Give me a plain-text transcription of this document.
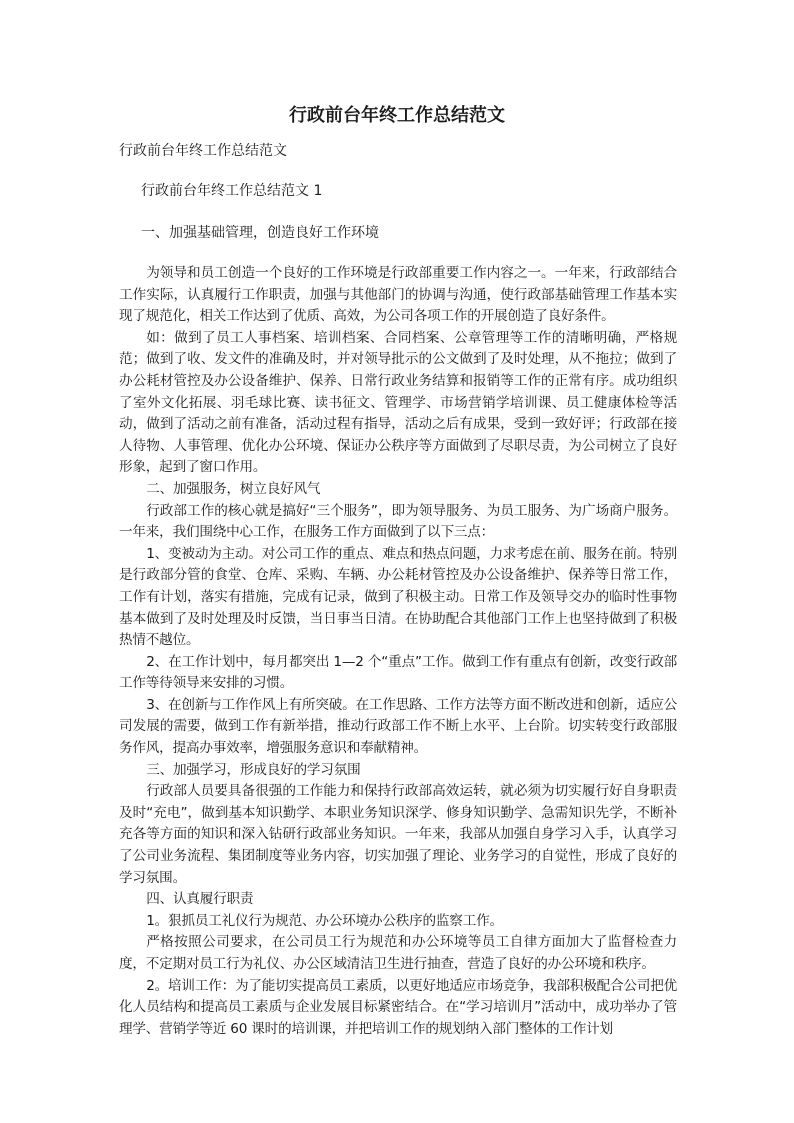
行政前台年终工作总结范文
行政前台年终工作总结范文
行政前台年终工作总结范文 1
一、加强基础管理，创造良好工作环境

为领导和员工创造一个良好的工作环境是行政部重要工作内容之一。一年来，行政部结合工作实际，认真履行工作职责，加强与其他部门的协调与沟通，使行政部基础管理工作基本实现了规范化，相关工作达到了优质、高效，为公司各项工作的开展创造了良好条件。

如：做到了员工人事档案、培训档案、合同档案、公章管理等工作的清晰明确，严格规范；做到了收、发文件的准确及时，并对领导批示的公文做到了及时处理，从不拖拉；做到了办公耗材管控及办公设备维护、保养、日常行政业务结算和报销等工作的正常有序。成功组织了室外文化拓展、羽毛球比赛、读书征文、管理学、市场营销学培训课、员工健康体检等活动，做到了活动之前有准备，活动过程有指导，活动之后有成果，受到一致好评；行政部在接人待物、人事管理、优化办公环境、保证办公秩序等方面做到了尽职尽责，为公司树立了良好形象，起到了窗口作用。

二、加强服务，树立良好风气

行政部工作的核心就是搞好“三个服务”，即为领导服务、为员工服务、为广场商户服务。一年来，我们围绕中心工作，在服务工作方面做到了以下三点：

1、变被动为主动。对公司工作的重点、难点和热点问题，力求考虑在前、服务在前。特别是行政部分管的食堂、仓库、采购、车辆、办公耗材管控及办公设备维护、保养等日常工作，工作有计划，落实有措施，完成有记录，做到了积极主动。日常工作及领导交办的临时性事物基本做到了及时处理及时反馈，当日事当日清。在协助配合其他部门工作上也坚持做到了积极热情不越位。

2、在工作计划中，每月都突出 1—2 个“重点”工作。做到工作有重点有创新，改变行政部工作等待领导来安排的习惯。

3、在创新与工作作风上有所突破。在工作思路、工作方法等方面不断改进和创新，适应公司发展的需要，做到工作有新举措，推动行政部工作不断上水平、上台阶。切实转变行政部服务作风，提高办事效率，增强服务意识和奉献精神。

三、加强学习，形成良好的学习氛围

行政部人员要具备很强的工作能力和保持行政部高效运转，就必须为切实履行好自身职责及时“充电”，做到基本知识勤学、本职业务知识深学、修身知识勤学、急需知识先学，不断补充各等方面的知识和深入钻研行政部业务知识。一年来，我部从加强自身学习入手，认真学习了公司业务流程、集团制度等业务内容，切实加强了理论、业务学习的自觉性，形成了良好的学习氛围。

四、认真履行职责

1。狠抓员工礼仪行为规范、办公环境办公秩序的监察工作。

严格按照公司要求，在公司员工行为规范和办公环境等员工自律方面加大了监督检查力度，不定期对员工行为礼仪、办公区域清洁卫生进行抽查，营造了良好的办公环境和秩序。

2。培训工作：为了能切实提高员工素质，以更好地适应市场竞争，我部积极配合公司把优化人员结构和提高员工素质与企业发展目标紧密结合。在“学习培训月”活动中，成功举办了管理学、营销学等近 60 课时的培训课，并把培训工作的规划纳入部门整体的工作计划
